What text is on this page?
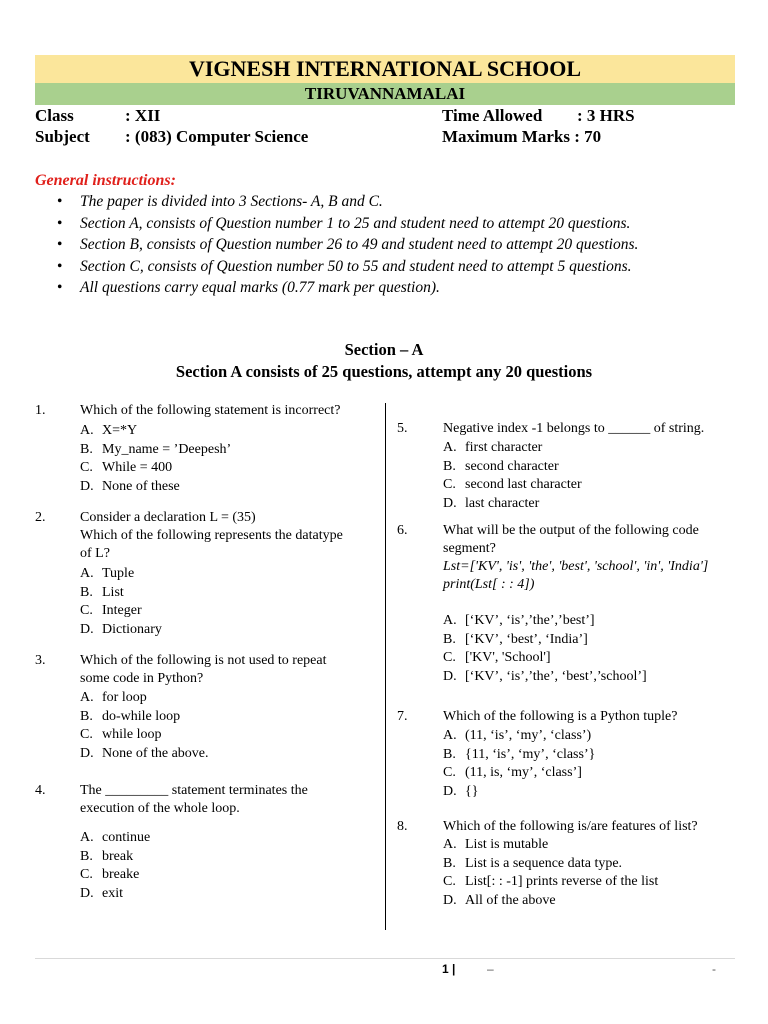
VIGNESH INTERNATIONAL SCHOOL
TIRUVANNAMALAI
Class	: XII
Subject : (083) Computer Science
Time Allowed : 3 HRS
Maximum Marks : 70
General instructions:
• The paper is divided into 3 Sections- A, B and C.
• Section A, consists of Question number 1 to 25 and student need to attempt 20 questions.
• Section B, consists of Question number 26 to 49 and student need to attempt 20 questions.
• Section C, consists of Question number 50 to 55 and student need to attempt 5 questions.
• All questions carry equal marks (0.77 mark per question).
Section – A
Section A consists of 25 questions, attempt any 20 questions
1. Which of the following statement is incorrect?
A. X=*Y
B. My_name = ’Deepesh’
C. While = 400
D. None of these
2. Consider a declaration L = (35)
Which of the following represents the datatype
of L?
A. Tuple
B. List
C. Integer
D. Dictionary
3. Which of the following is not used to repeat
some code in Python?
A. for loop
B. do-while loop
C. while loop
D. None of the above.
4. The _________ statement terminates the
execution of the whole loop.
A. continue
B. break
C. breake
D. exit
5.	Negative index -1 belongs to ______ of string.
A. first character
B. second character
C. second last character
D. last character
6.	What will be the output of the following code
segment?
Lst=['KV', 'is', 'the', 'best', 'school', 'in', 'India']
print(Lst[ : : 4])
A. [‘KV’, ‘is’,’the’,’best’]
B. [‘KV’, ‘best’, ‘India’]
C. ['KV', 'School']
D. [‘KV’, ‘is’,’the’, ‘best’,’school’]
7.	Which of the following is a Python tuple?
A. (11, ‘is’, ‘my’, ‘class’)
B. {11, ‘is’, ‘my’, ‘class’}
C. (11, is, ‘my’, ‘class’]
D. {}
8.	Which of the following is/are features of list?
A. List is mutable
B. List is a sequence data type.
C. List[: : -1] prints reverse of the list
D. All of the above
1 |	–	-
